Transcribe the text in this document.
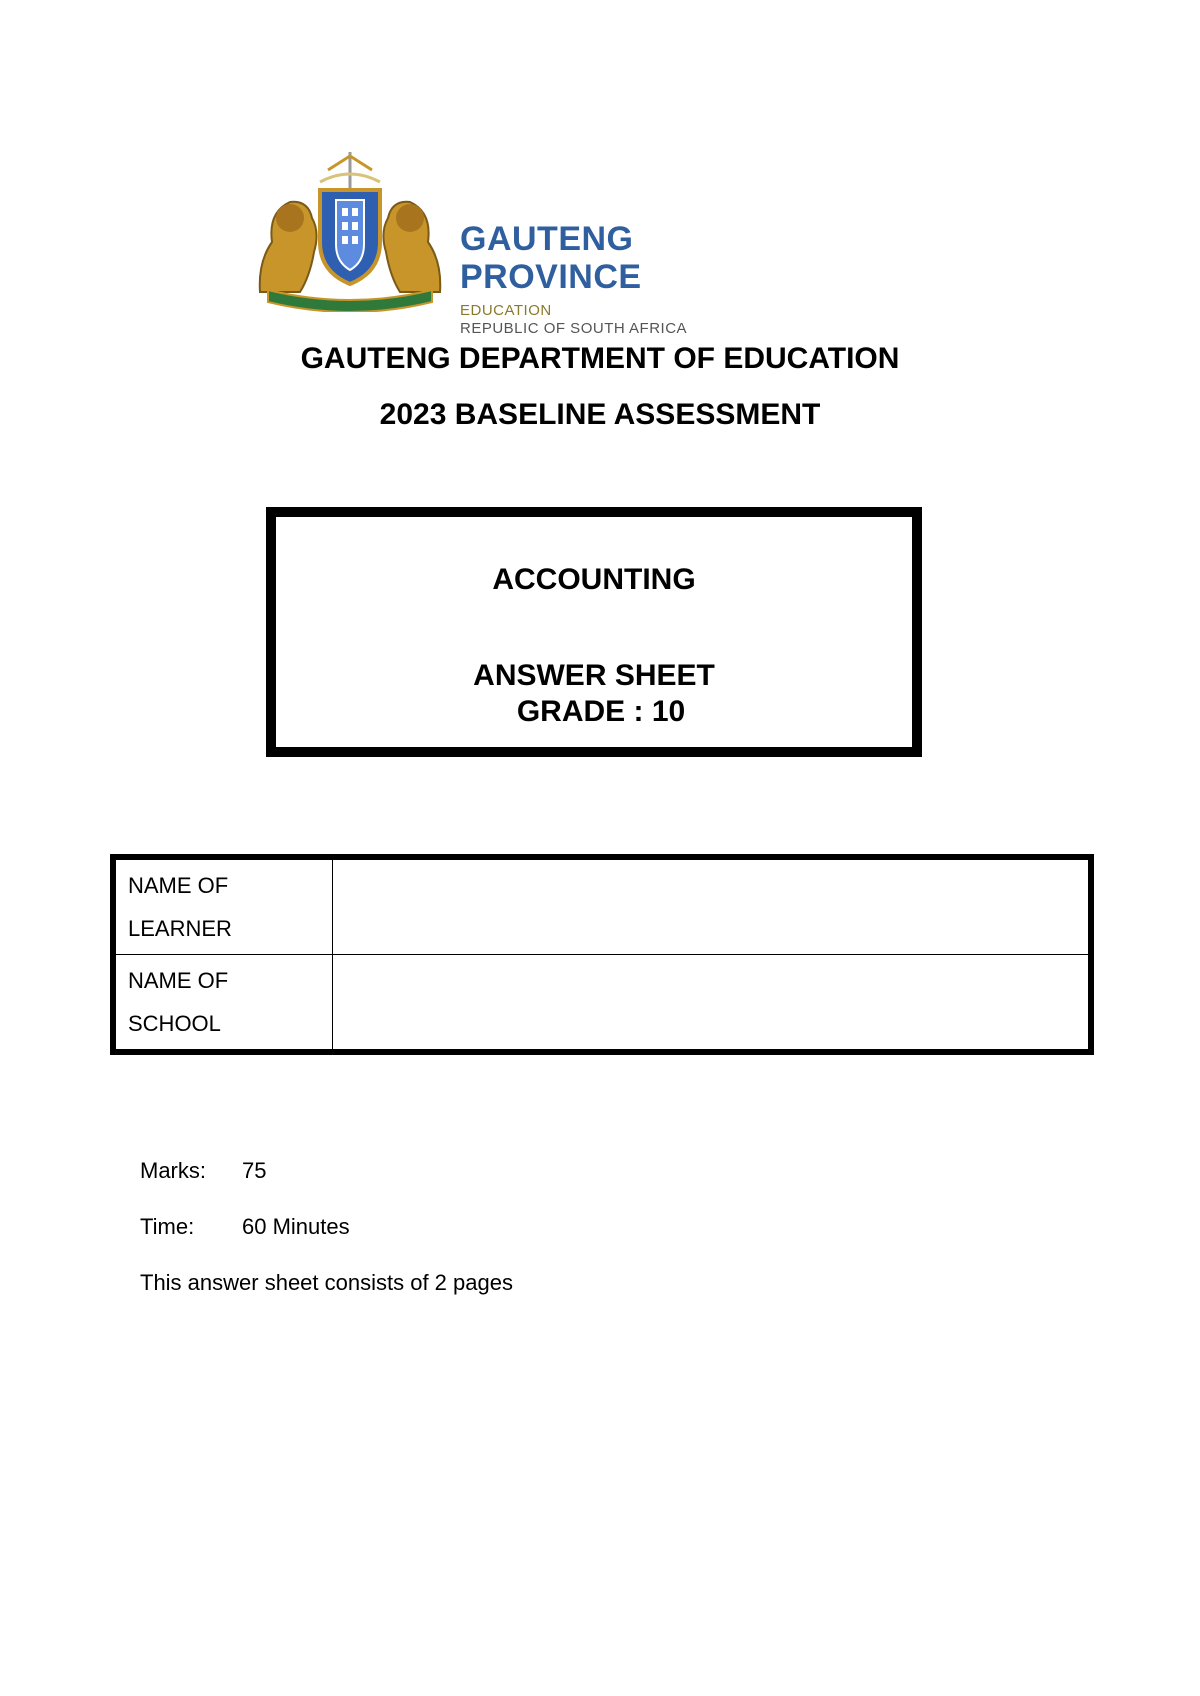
GAUTENG PROVINCE
EDUCATION
REPUBLIC OF SOUTH AFRICA
GAUTENG DEPARTMENT OF EDUCATION
2023 BASELINE ASSESSMENT
ACCOUNTING
ANSWER SHEET
GRADE : 10
NAME OF LEARNER	

NAME OF SCHOOL	

Marks: 75
Time: 60 Minutes
This answer sheet consists of 2 pages
